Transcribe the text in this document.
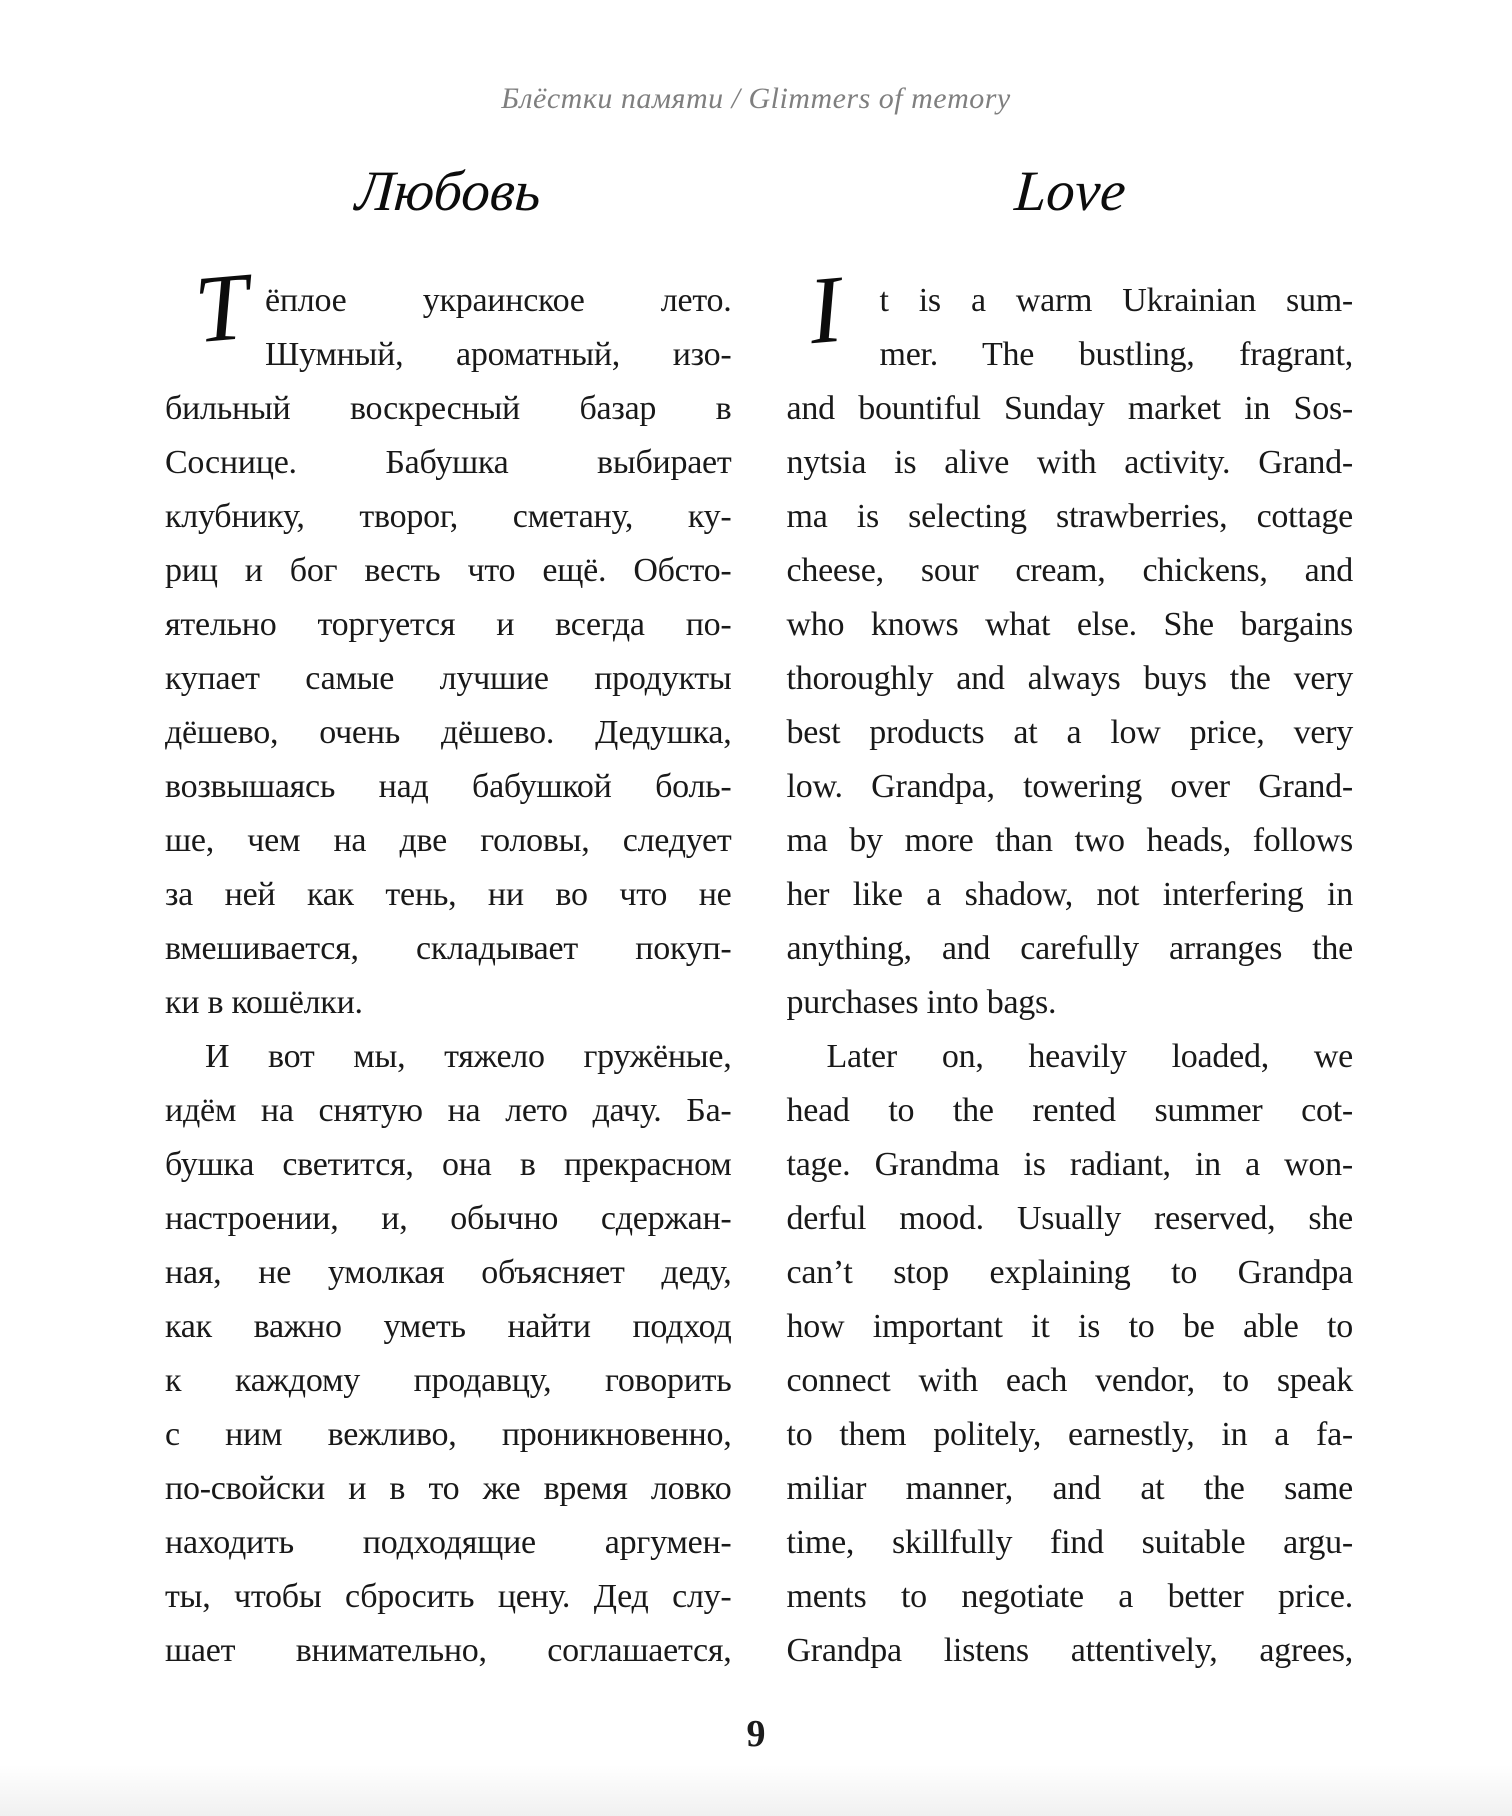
Блёстки памяти / Glimmers of memory
Любовь	Love
Т ёплое украинское лето.
Шумный, ароматный, изо-
бильный воскресный базар в
Соснице. Бабушка выбирает
клубнику, творог, сметану, ку-
риц и бог весть что ещё. Обсто-
ятельно торгуется и всегда по-
купает самые лучшие продукты
дёшево, очень дёшево. Дедушка,
возвышаясь над бабушкой боль-
ше, чем на две головы, следует
за ней как тень, ни во что не
вмешивается, складывает покуп-
ки в кошёлки.
И вот мы, тяжело гружёные,
идём на снятую на лето дачу. Ба-
бушка светится, она в прекрасном
настроении, и, обычно сдержан-
ная, не умолкая объясняет деду,
как важно уметь найти подход
к каждому продавцу, говорить
с ним вежливо, проникновенно,
по-свойски и в то же время ловко
находить подходящие аргумен-
ты, чтобы сбросить цену. Дед слу-
шает внимательно, соглашается,
I t is a warm Ukrainian sum-
mer. The bustling, fragrant,
and bountiful Sunday market in Sos-
nytsia is alive with activity. Grand-
ma is selecting strawberries, cottage
cheese, sour cream, chickens, and
who knows what else. She bargains
thoroughly and always buys the very
best products at a low price, very
low. Grandpa, towering over Grand-
ma by more than two heads, follows
her like a shadow, not interfering in
anything, and carefully arranges the
purchases into bags.
Later on, heavily loaded, we
head to the rented summer cot-
tage. Grandma is radiant, in a won-
derful mood. Usually reserved, she
can’t stop explaining to Grandpa
how important it is to be able to
connect with each vendor, to speak
to them politely, earnestly, in a fa-
miliar manner, and at the same
time, skillfully find suitable argu-
ments to negotiate a better price.
Grandpa listens attentively, agrees,
9
